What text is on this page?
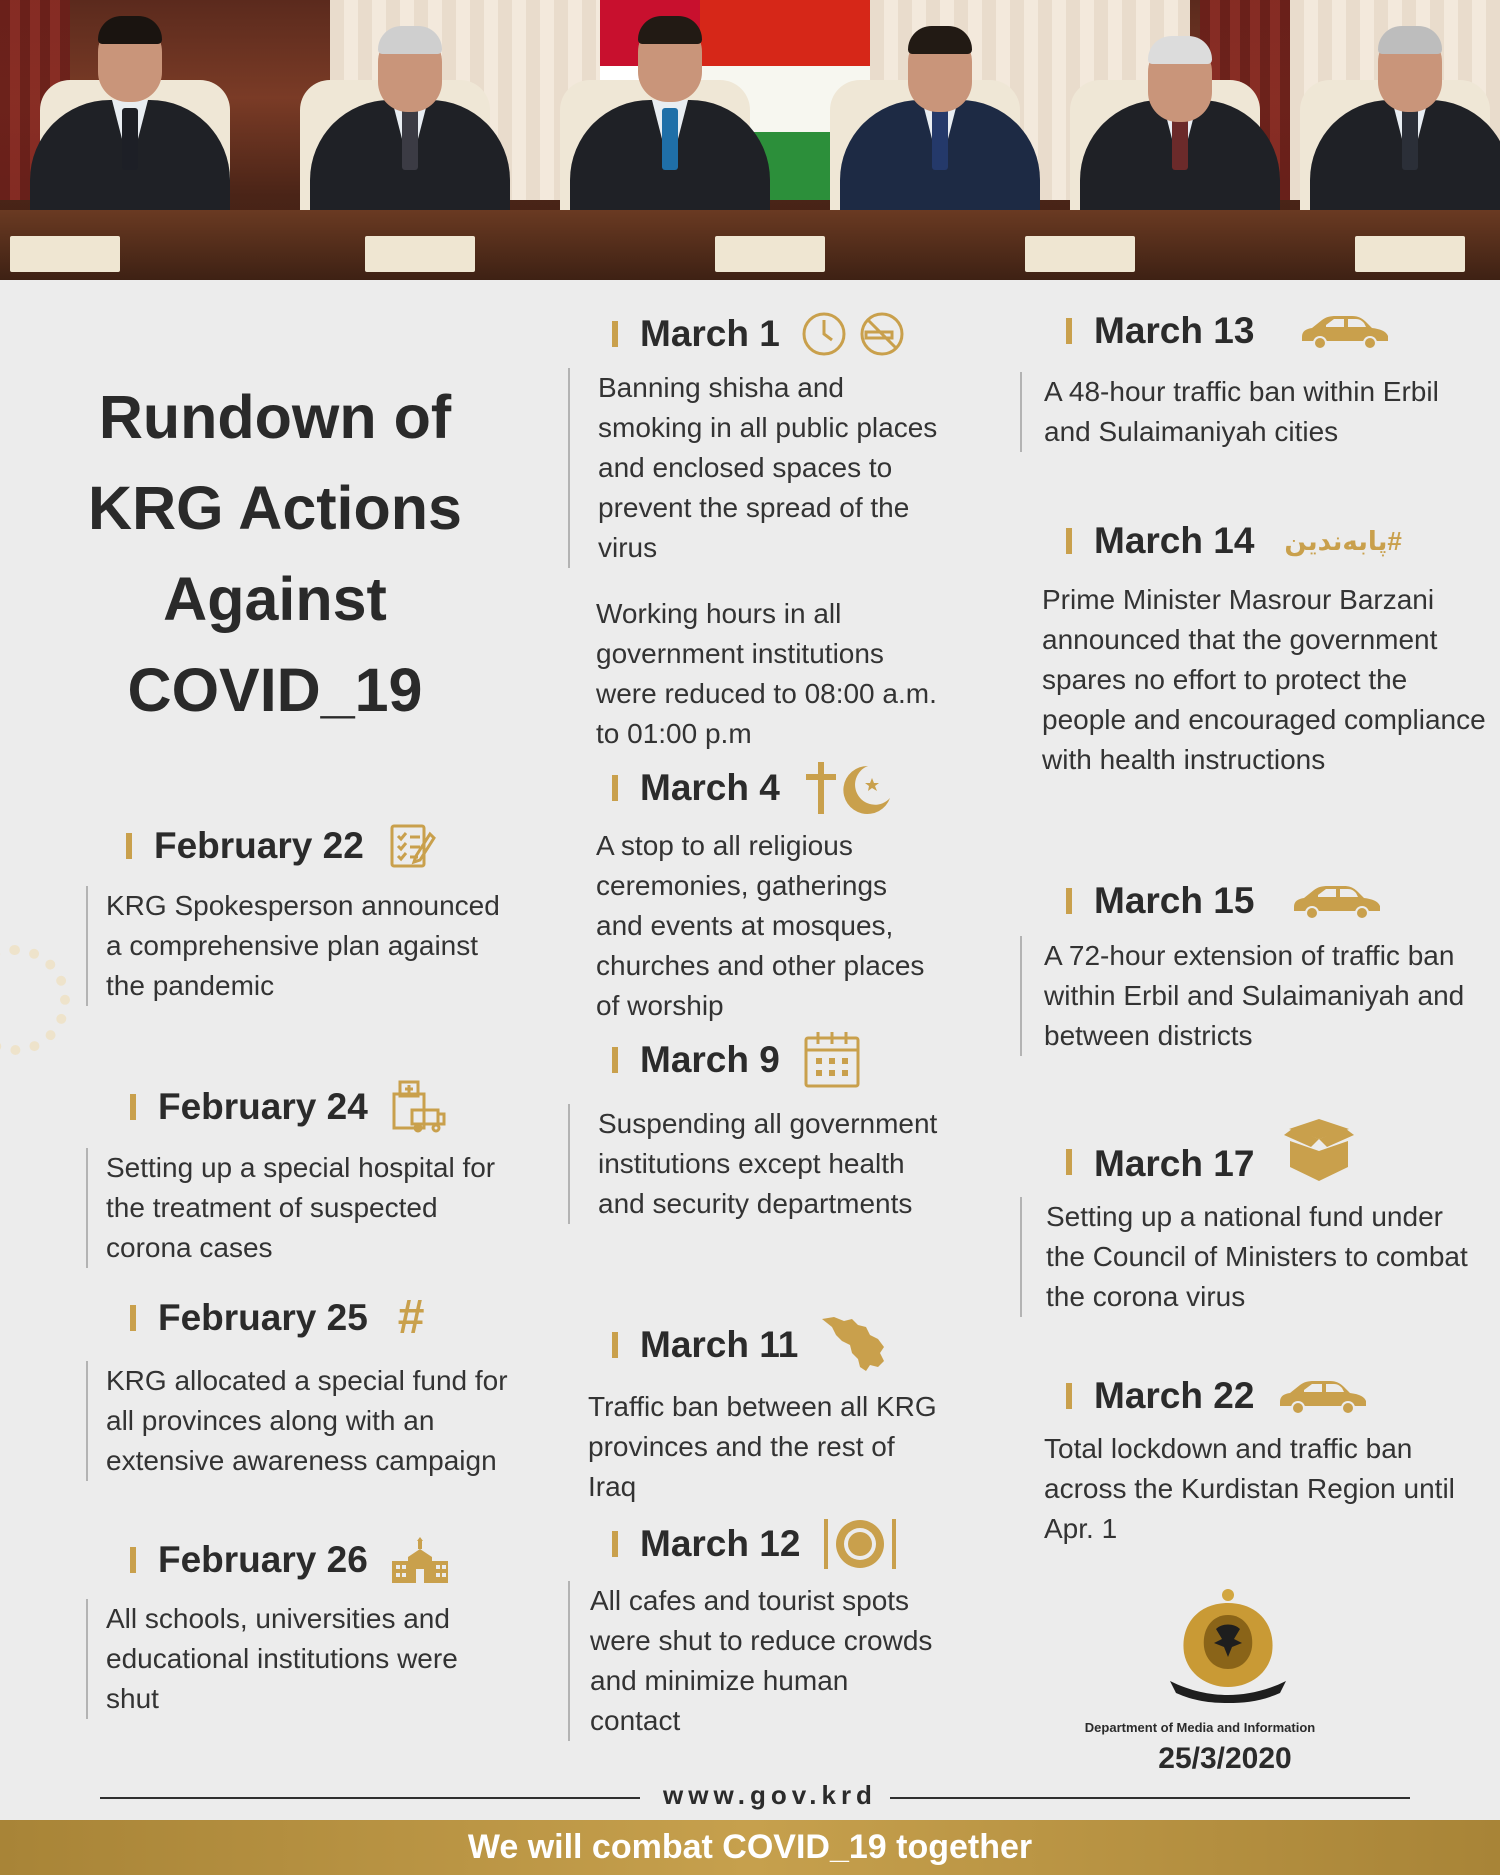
Rundown of
KRG Actions
Against
COVID_19
February 22

KRG Spokesperson announced a comprehensive plan against the pandemic

February 24

Setting up a special hospital for the treatment of suspected corona cases

February 25 #

KRG allocated a special fund for all provinces along with an extensive awareness campaign

February 26

All schools, universities and educational institutions were shut

March 1

Banning shisha and smoking in all public places and enclosed spaces to prevent the spread of the virus

Working hours in all government institutions were reduced to 08:00 a.m. to 01:00 p.m

March 4

A stop to all religious ceremonies, gatherings and events at mosques, churches and other places of worship

March 9

Suspending all government institutions except health and security departments

March 11

Traffic ban between all KRG provinces and the rest of Iraq

March 12

All cafes and tourist spots were shut to reduce crowds and minimize human contact

March 13

A 48-hour traffic ban within Erbil and Sulaimaniyah cities

March 14 #پابەندین

Prime Minister Masrour Barzani announced that the government spares no effort to protect the people and encouraged compliance with health instructions

March 15

A 72-hour extension of traffic ban within Erbil and Sulaimaniyah and between districts

March 17

Setting up a national fund under the Council of Ministers to combat the corona virus

March 22

Total lockdown and traffic ban across the Kurdistan Region until Apr. 1

Department of Media and Information
25/3/2020
www.gov.krd
We will combat COVID_19 together
